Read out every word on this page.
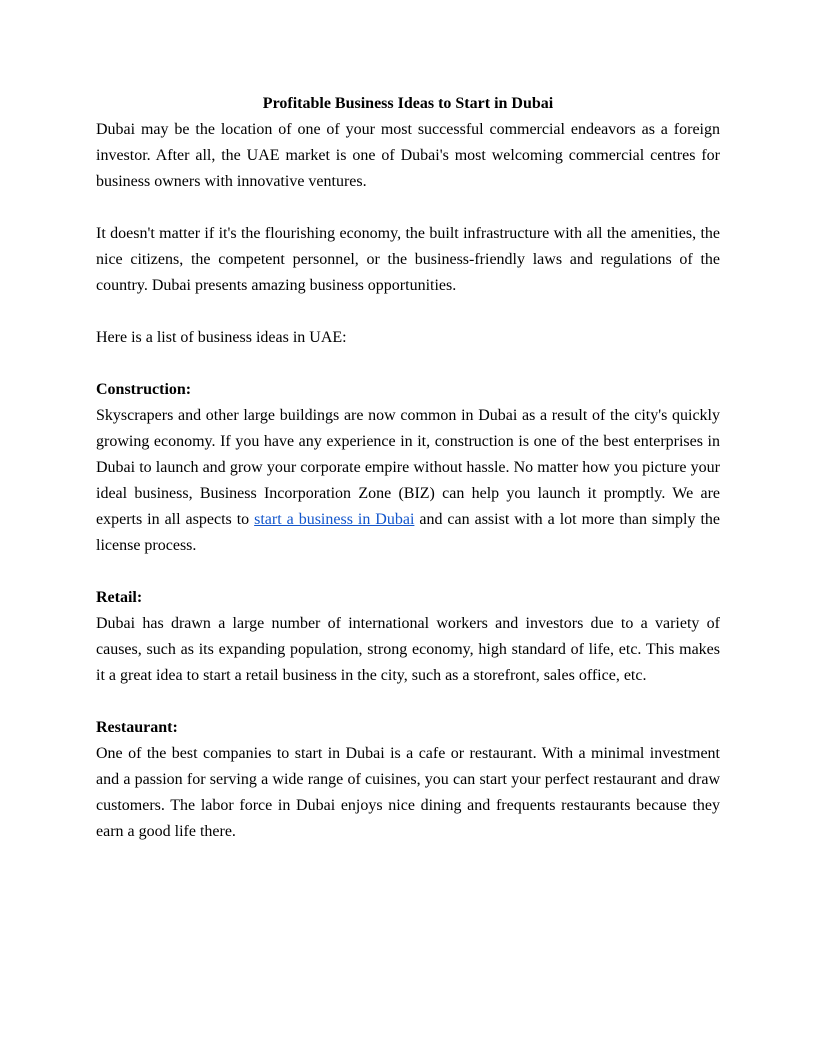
Profitable Business Ideas to Start in Dubai

Dubai may be the location of one of your most successful commercial endeavors as a foreign investor. After all, the UAE market is one of Dubai's most welcoming commercial centres for business owners with innovative ventures.

It doesn't matter if it's the flourishing economy, the built infrastructure with all the amenities, the nice citizens, the competent personnel, or the business-friendly laws and regulations of the country. Dubai presents amazing business opportunities.

Here is a list of business ideas in UAE:

Construction:

Skyscrapers and other large buildings are now common in Dubai as a result of the city's quickly growing economy. If you have any experience in it, construction is one of the best enterprises in Dubai to launch and grow your corporate empire without hassle. No matter how you picture your ideal business, Business Incorporation Zone (BIZ) can help you launch it promptly. We are experts in all aspects to start a business in Dubai and can assist with a lot more than simply the license process.

Retail:

Dubai has drawn a large number of international workers and investors due to a variety of causes, such as its expanding population, strong economy, high standard of life, etc. This makes it a great idea to start a retail business in the city, such as a storefront, sales office, etc.

Restaurant:

One of the best companies to start in Dubai is a cafe or restaurant. With a minimal investment and a passion for serving a wide range of cuisines, you can start your perfect restaurant and draw customers. The labor force in Dubai enjoys nice dining and frequents restaurants because they earn a good life there.
